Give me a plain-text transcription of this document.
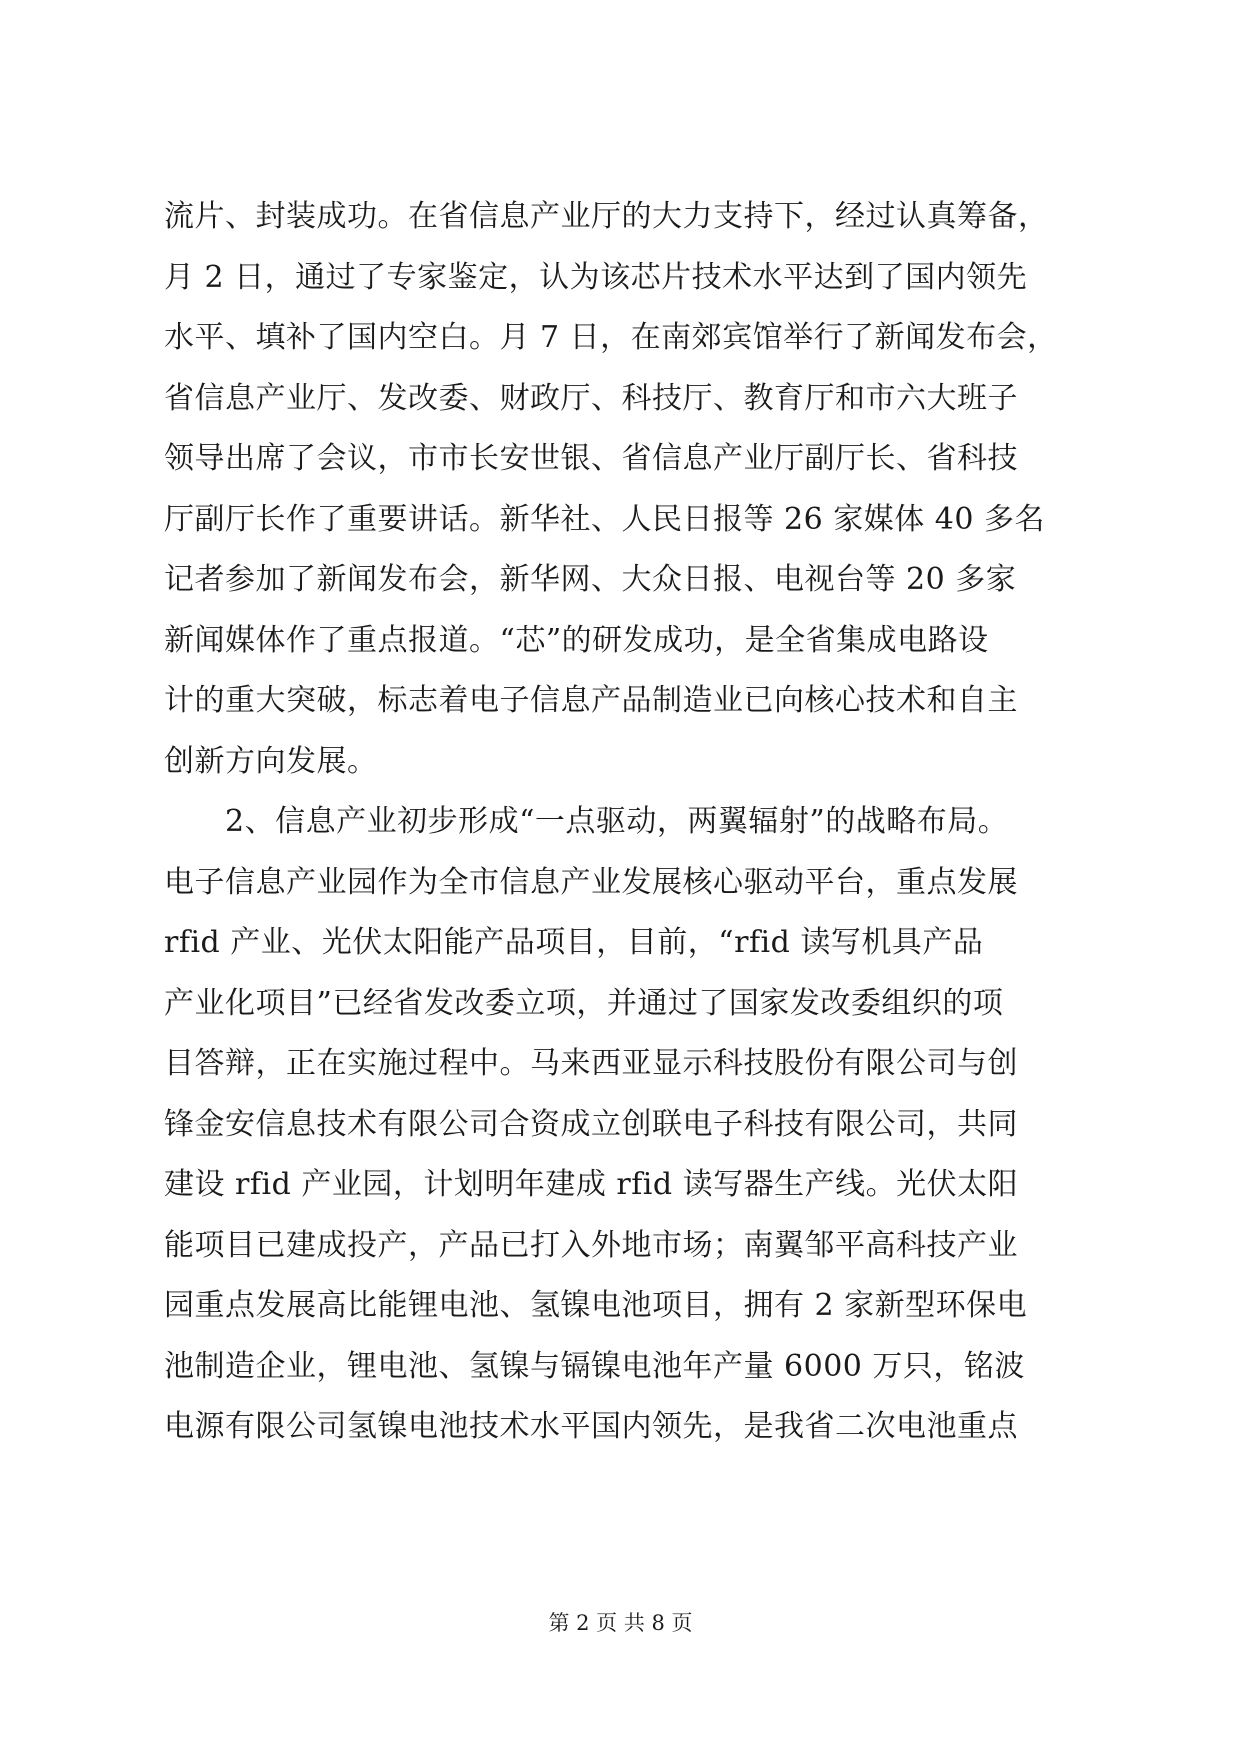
流片、封装成功。在省信息产业厅的大力支持下，经过认真筹备，
月 2 日，通过了专家鉴定，认为该芯片技术水平达到了国内领先
水平、填补了国内空白。月 7 日，在南郊宾馆举行了新闻发布会，
省信息产业厅、发改委、财政厅、科技厅、教育厅和市六大班子
领导出席了会议，市市长安世银、省信息产业厅副厅长、省科技
厅副厅长作了重要讲话。新华社、人民日报等 26 家媒体 40 多名
记者参加了新闻发布会，新华网、大众日报、电视台等 20 多家
新闻媒体作了重点报道。“芯”的研发成功，是全省集成电路设
计的重大突破，标志着电子信息产品制造业已向核心技术和自主
创新方向发展。
　　2、信息产业初步形成“一点驱动，两翼辐射”的战略布局。
电子信息产业园作为全市信息产业发展核心驱动平台，重点发展
rfid 产业、光伏太阳能产品项目，目前，“rfid 读写机具产品
产业化项目”已经省发改委立项，并通过了国家发改委组织的项
目答辩，正在实施过程中。马来西亚显示科技股份有限公司与创
锋金安信息技术有限公司合资成立创联电子科技有限公司，共同
建设 rfid 产业园，计划明年建成 rfid 读写器生产线。光伏太阳
能项目已建成投产，产品已打入外地市场；南翼邹平高科技产业
园重点发展高比能锂电池、氢镍电池项目，拥有 2 家新型环保电
池制造企业，锂电池、氢镍与镉镍电池年产量 6000 万只，铭波
电源有限公司氢镍电池技术水平国内领先，是我省二次电池重点
第 2 页 共 8 页
